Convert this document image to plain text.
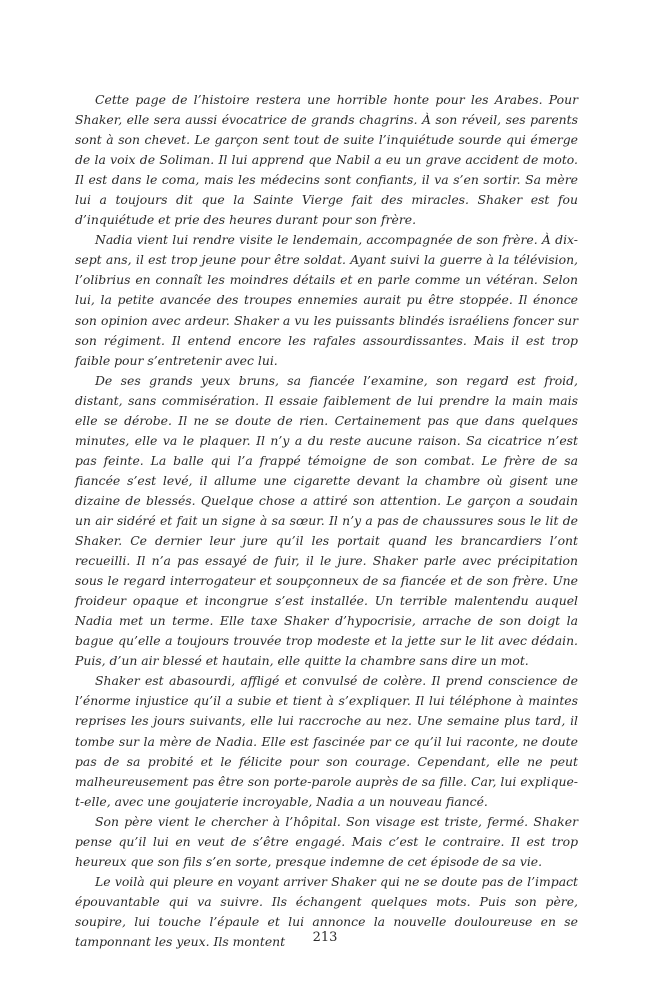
Cette page de l’histoire restera une horrible honte pour les Arabes. Pour Shaker, elle sera aussi évocatrice de grands chagrins. À son réveil, ses parents sont à son chevet. Le garçon sent tout de suite l’inquiétude sourde qui émerge de la voix de Soliman. Il lui apprend que Nabil a eu un grave accident de moto. Il est dans le coma, mais les médecins sont confiants, il va s’en sortir. Sa mère lui a toujours dit que la Sainte Vierge fait des miracles. Shaker est fou d’inquiétude et prie des heures durant pour son frère.

Nadia vient lui rendre visite le lendemain, accompagnée de son frère. À dix-sept ans, il est trop jeune pour être soldat. Ayant suivi la guerre à la télévision, l’olibrius en connaît les moindres détails et en parle comme un vétéran. Selon lui, la petite avancée des troupes ennemies aurait pu être stoppée. Il énonce son opinion avec ardeur. Shaker a vu les puissants blindés israéliens foncer sur son régiment. Il entend encore les rafales assourdissantes. Mais il est trop faible pour s’entretenir avec lui.

De ses grands yeux bruns, sa fiancée l’examine, son regard est froid, distant, sans commisération. Il essaie faiblement de lui prendre la main mais elle se dérobe. Il ne se doute de rien. Certainement pas que dans quelques minutes, elle va le plaquer. Il n’y a du reste aucune raison. Sa cicatrice n’est pas feinte. La balle qui l’a frappé témoigne de son combat. Le frère de sa fiancée s’est levé, il allume une cigarette devant la chambre où gisent une dizaine de blessés. Quelque chose a attiré son attention. Le garçon a soudain un air sidéré et fait un signe à sa sœur. Il n’y a pas de chaussures sous le lit de Shaker. Ce dernier leur jure qu’il les portait quand les brancardiers l’ont recueilli. Il n’a pas essayé de fuir, il le jure. Shaker parle avec précipitation sous le regard interrogateur et soupçonneux de sa fiancée et de son frère. Une froideur opaque et incongrue s’est installée. Un terrible malentendu auquel Nadia met un terme. Elle taxe Shaker d’hypocrisie, arrache de son doigt la bague qu’elle a toujours trouvée trop modeste et la jette sur le lit avec dédain. Puis, d’un air blessé et hautain, elle quitte la chambre sans dire un mot.

Shaker est abasourdi, affligé et convulsé de colère. Il prend conscience de l’énorme injustice qu’il a subie et tient à s’expliquer. Il lui téléphone à maintes reprises les jours suivants, elle lui raccroche au nez. Une semaine plus tard, il tombe sur la mère de Nadia. Elle est fascinée par ce qu’il lui raconte, ne doute pas de sa probité et le félicite pour son courage. Cependant, elle ne peut malheureusement pas être son porte-parole auprès de sa fille. Car, lui explique-t-elle, avec une goujaterie incroyable, Nadia a un nouveau fiancé.

Son père vient le chercher à l’hôpital. Son visage est triste, fermé. Shaker pense qu’il lui en veut de s’être engagé. Mais c’est le contraire. Il est trop heureux que son fils s’en sorte, presque indemne de cet épisode de sa vie.

Le voilà qui pleure en voyant arriver Shaker qui ne se doute pas de l’impact épouvantable qui va suivre. Ils échangent quelques mots. Puis son père, soupire, lui touche l’épaule et lui annonce la nouvelle douloureuse en se tamponnant les yeux. Ils montent	213
